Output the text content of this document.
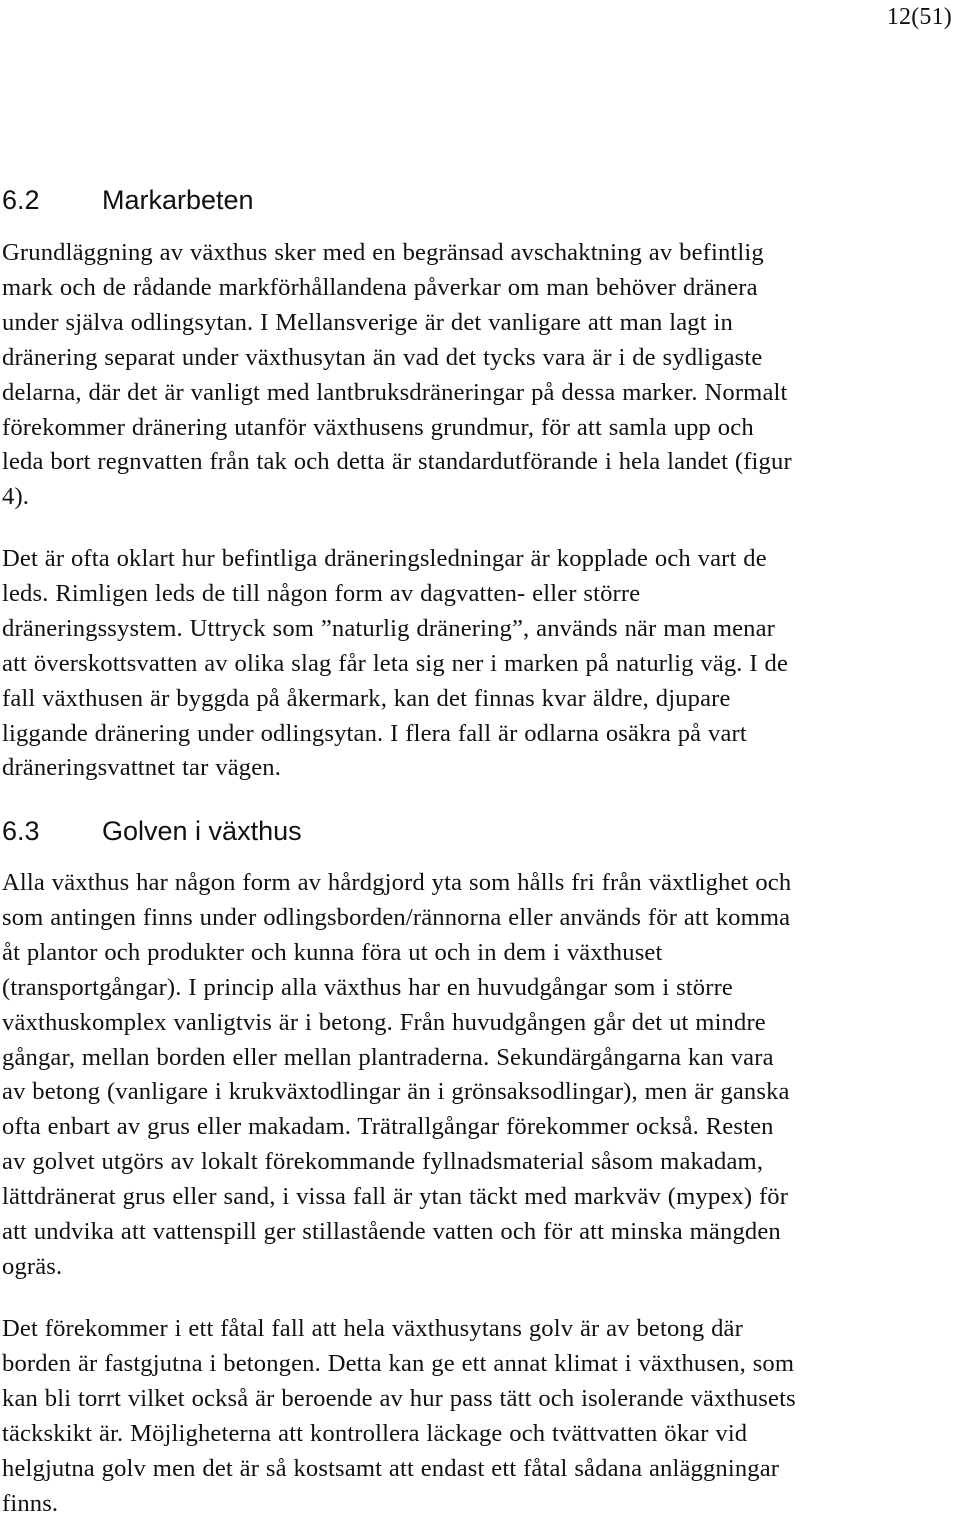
12(51)
6.2 Markarbeten

Grundläggning av växthus sker med en begränsad avschaktning av befintlig
mark och de rådande markförhållandena påverkar om man behöver dränera
under själva odlingsytan. I Mellansverige är det vanligare att man lagt in
dränering separat under växthusytan än vad det tycks vara är i de sydligaste
delarna, där det är vanligt med lantbruksdräneringar på dessa marker. Normalt
förekommer dränering utanför växthusens grundmur, för att samla upp och
leda bort regnvatten från tak och detta är standardutförande i hela landet (figur
4).

Det är ofta oklart hur befintliga dräneringsledningar är kopplade och vart de
leds. Rimligen leds de till någon form av dagvatten- eller större
dräneringssystem. Uttryck som ”naturlig dränering”, används när man menar
att överskottsvatten av olika slag får leta sig ner i marken på naturlig väg. I de
fall växthusen är byggda på åkermark, kan det finnas kvar äldre, djupare
liggande dränering under odlingsytan. I flera fall är odlarna osäkra på vart
dräneringsvattnet tar vägen.

6.3 Golven i växthus

Alla växthus har någon form av hårdgjord yta som hålls fri från växtlighet och
som antingen finns under odlingsborden/rännorna eller används för att komma
åt plantor och produkter och kunna föra ut och in dem i växthuset
(transportgångar). I princip alla växthus har en huvudgångar som i större
växthuskomplex vanligtvis är i betong. Från huvudgången går det ut mindre
gångar, mellan borden eller mellan plantraderna. Sekundärgångarna kan vara
av betong (vanligare i krukväxtodlingar än i grönsaksodlingar), men är ganska
ofta enbart av grus eller makadam. Trätrallgångar förekommer också. Resten
av golvet utgörs av lokalt förekommande fyllnadsmaterial såsom makadam,
lättdränerat grus eller sand, i vissa fall är ytan täckt med markväv (mypex) för
att undvika att vattenspill ger stillastående vatten och för att minska mängden
ogräs.

Det förekommer i ett fåtal fall att hela växthusytans golv är av betong där
borden är fastgjutna i betongen. Detta kan ge ett annat klimat i växthusen, som
kan bli torrt vilket också är beroende av hur pass tätt och isolerande växthusets
täckskikt är. Möjligheterna att kontrollera läckage och tvättvatten ökar vid
helgjutna golv men det är så kostsamt att endast ett fåtal sådana anläggningar
finns.
